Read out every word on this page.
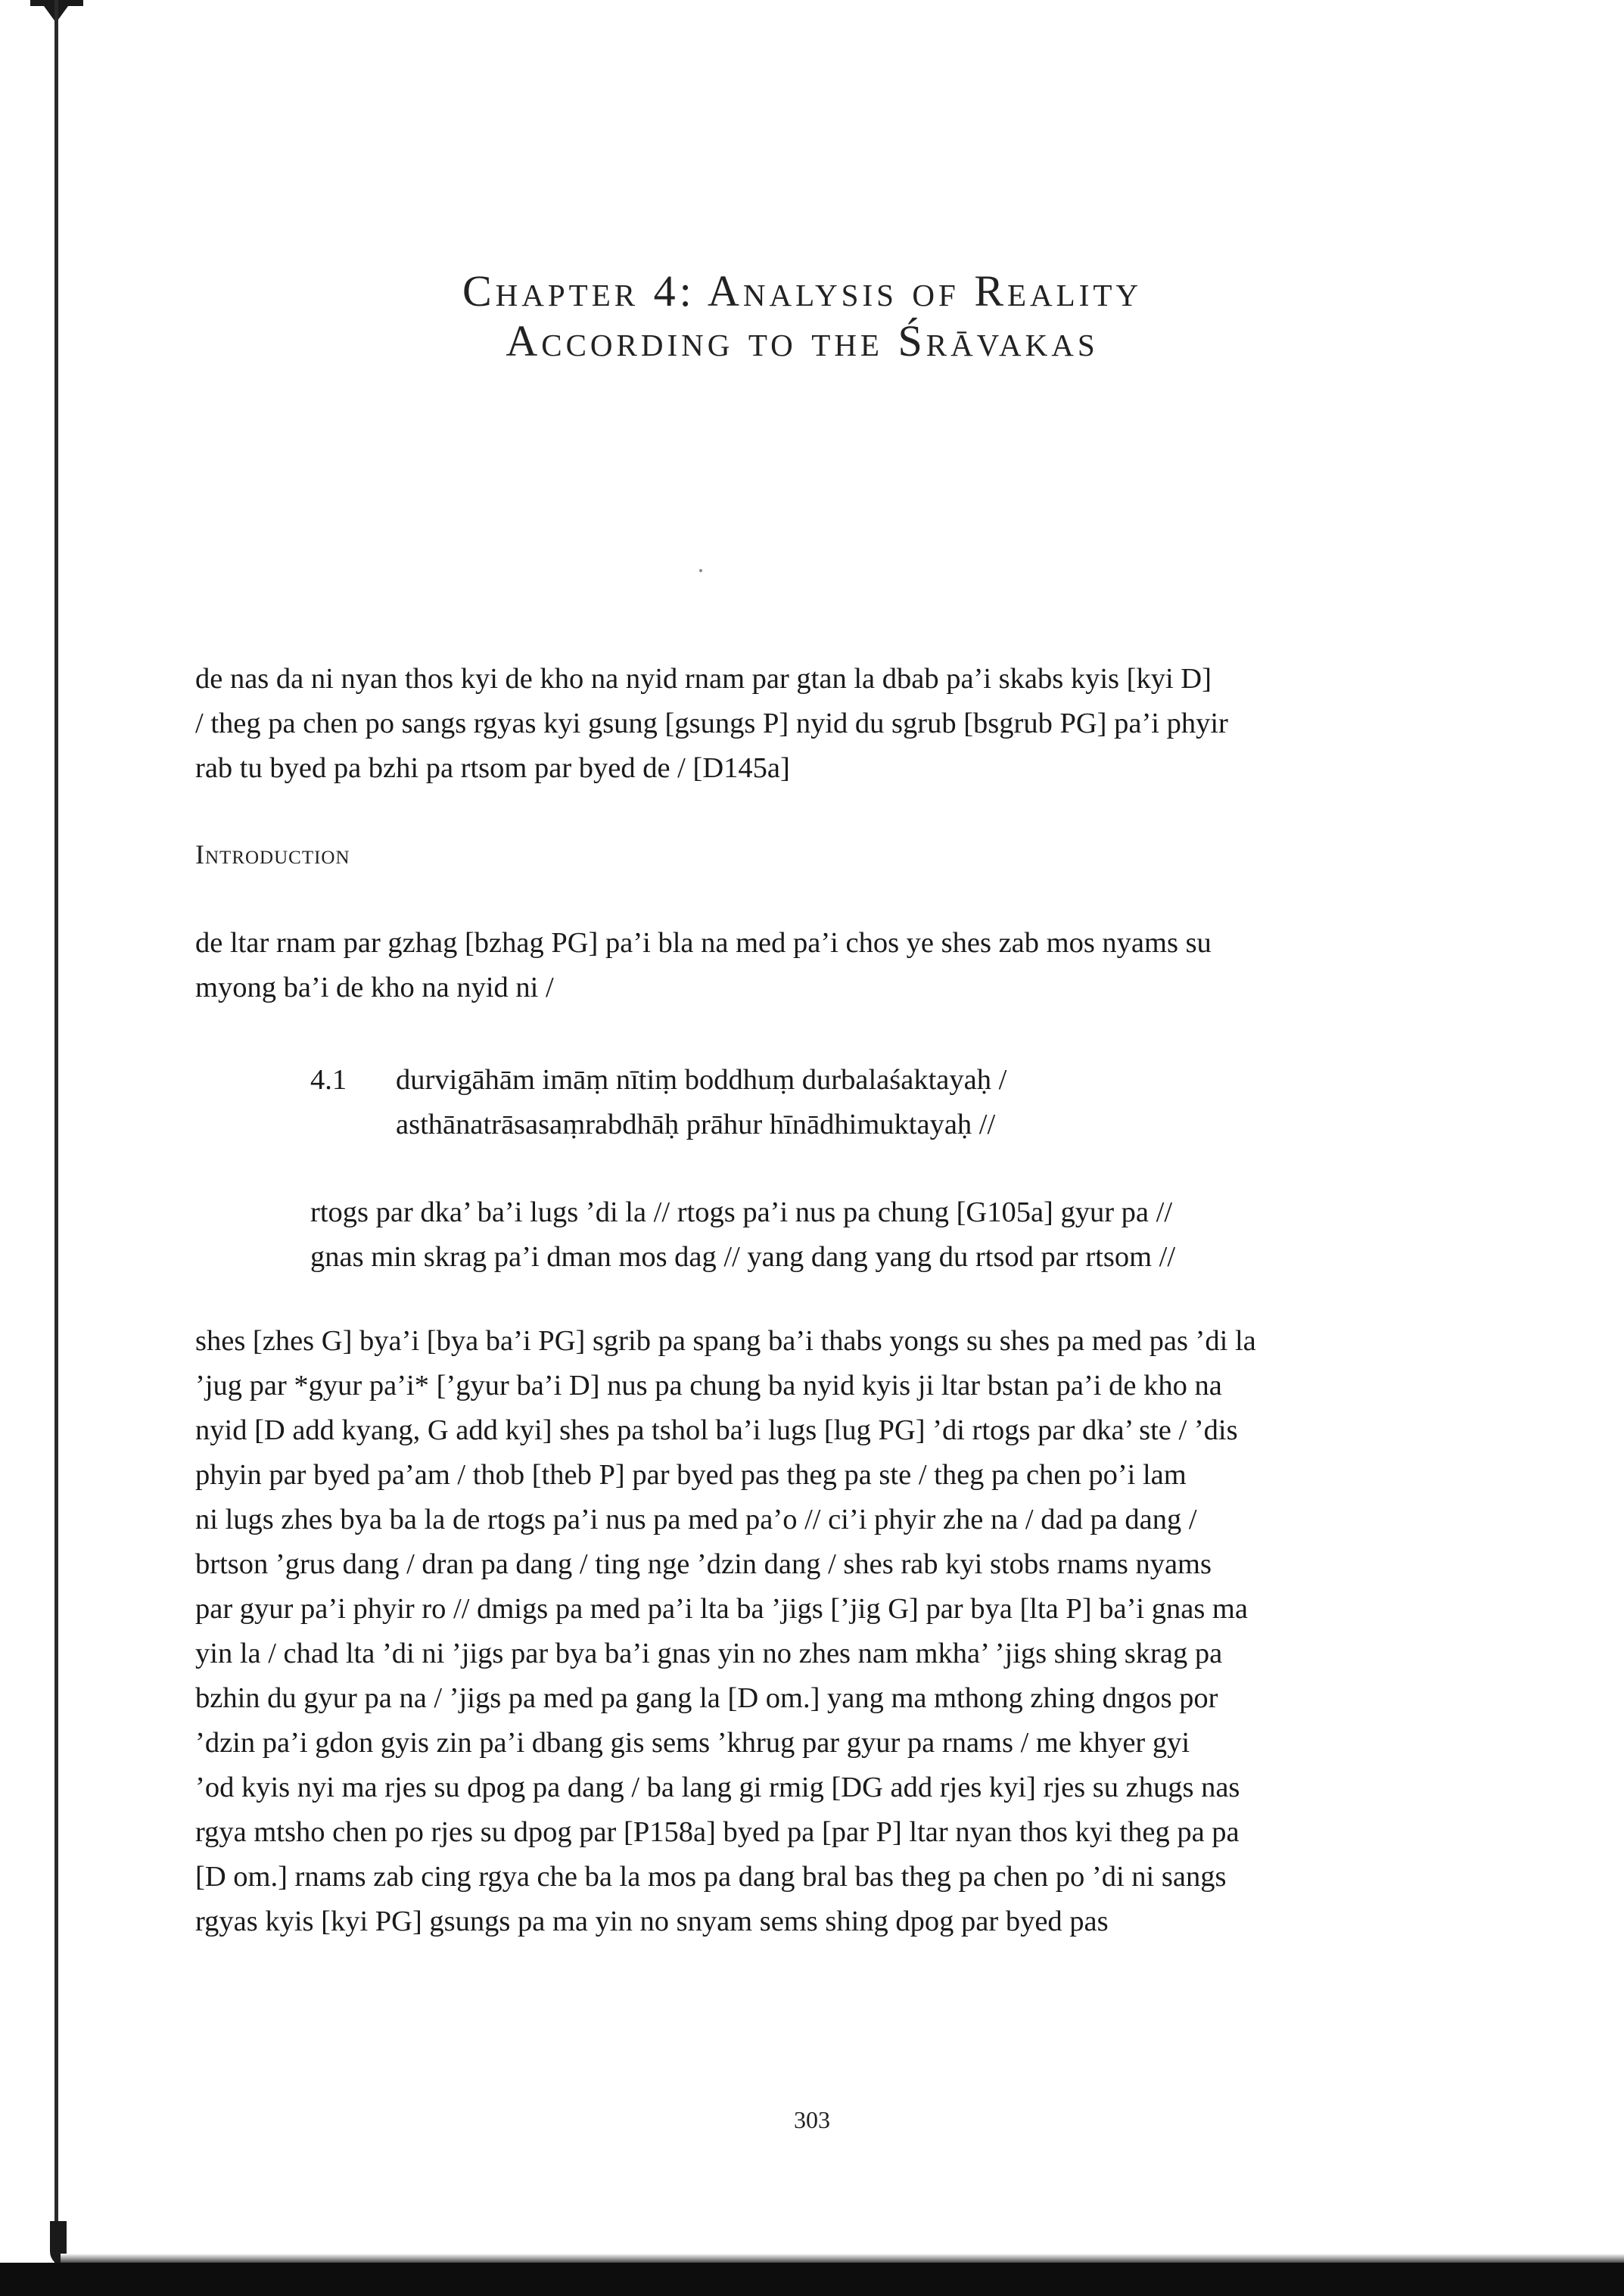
Chapter 4: Analysis of Reality
According to the Śrāvakas
de nas da ni nyan thos kyi de kho na nyid rnam par gtan la dbab pa’i skabs kyis [kyi D]
/ theg pa chen po sangs rgyas kyi gsung [gsungs P] nyid du sgrub [bsgrub PG] pa’i phyir
rab tu byed pa bzhi pa rtsom par byed de / [D145a]
Introduction
de ltar rnam par gzhag [bzhag PG] pa’i bla na med pa’i chos ye shes zab mos nyams su
myong ba’i de kho na nyid ni /
4.1 durvigāhām imāṃ nītiṃ boddhuṃ durbalaśaktayaḥ /
asthānatrāsasaṃrabdhāḥ prāhur hīnādhimuktayaḥ //
rtogs par dka’ ba’i lugs ’di la // rtogs pa’i nus pa chung [G105a] gyur pa //
gnas min skrag pa’i dman mos dag // yang dang yang du rtsod par rtsom //
shes [zhes G] bya’i [bya ba’i PG] sgrib pa spang ba’i thabs yongs su shes pa med pas ’di la
’jug par *gyur pa’i* [’gyur ba’i D] nus pa chung ba nyid kyis ji ltar bstan pa’i de kho na
nyid [D add kyang, G add kyi] shes pa tshol ba’i lugs [lug PG] ’di rtogs par dka’ ste / ’dis
phyin par byed pa’am / thob [theb P] par byed pas theg pa ste / theg pa chen po’i lam
ni lugs zhes bya ba la de rtogs pa’i nus pa med pa’o // ci’i phyir zhe na / dad pa dang /
brtson ’grus dang / dran pa dang / ting nge ’dzin dang / shes rab kyi stobs rnams nyams
par gyur pa’i phyir ro // dmigs pa med pa’i lta ba ’jigs [’jig G] par bya [lta P] ba’i gnas ma
yin la / chad lta ’di ni ’jigs par bya ba’i gnas yin no zhes nam mkha’ ’jigs shing skrag pa
bzhin du gyur pa na / ’jigs pa med pa gang la [D om.] yang ma mthong zhing dngos por
’dzin pa’i gdon gyis zin pa’i dbang gis sems ’khrug par gyur pa rnams / me khyer gyi
’od kyis nyi ma rjes su dpog pa dang / ba lang gi rmig [DG add rjes kyi] rjes su zhugs nas
rgya mtsho chen po rjes su dpog par [P158a] byed pa [par P] ltar nyan thos kyi theg pa pa
[D om.] rnams zab cing rgya che ba la mos pa dang bral bas theg pa chen po ’di ni sangs
rgyas kyis [kyi PG] gsungs pa ma yin no snyam sems shing dpog par byed pas
303
